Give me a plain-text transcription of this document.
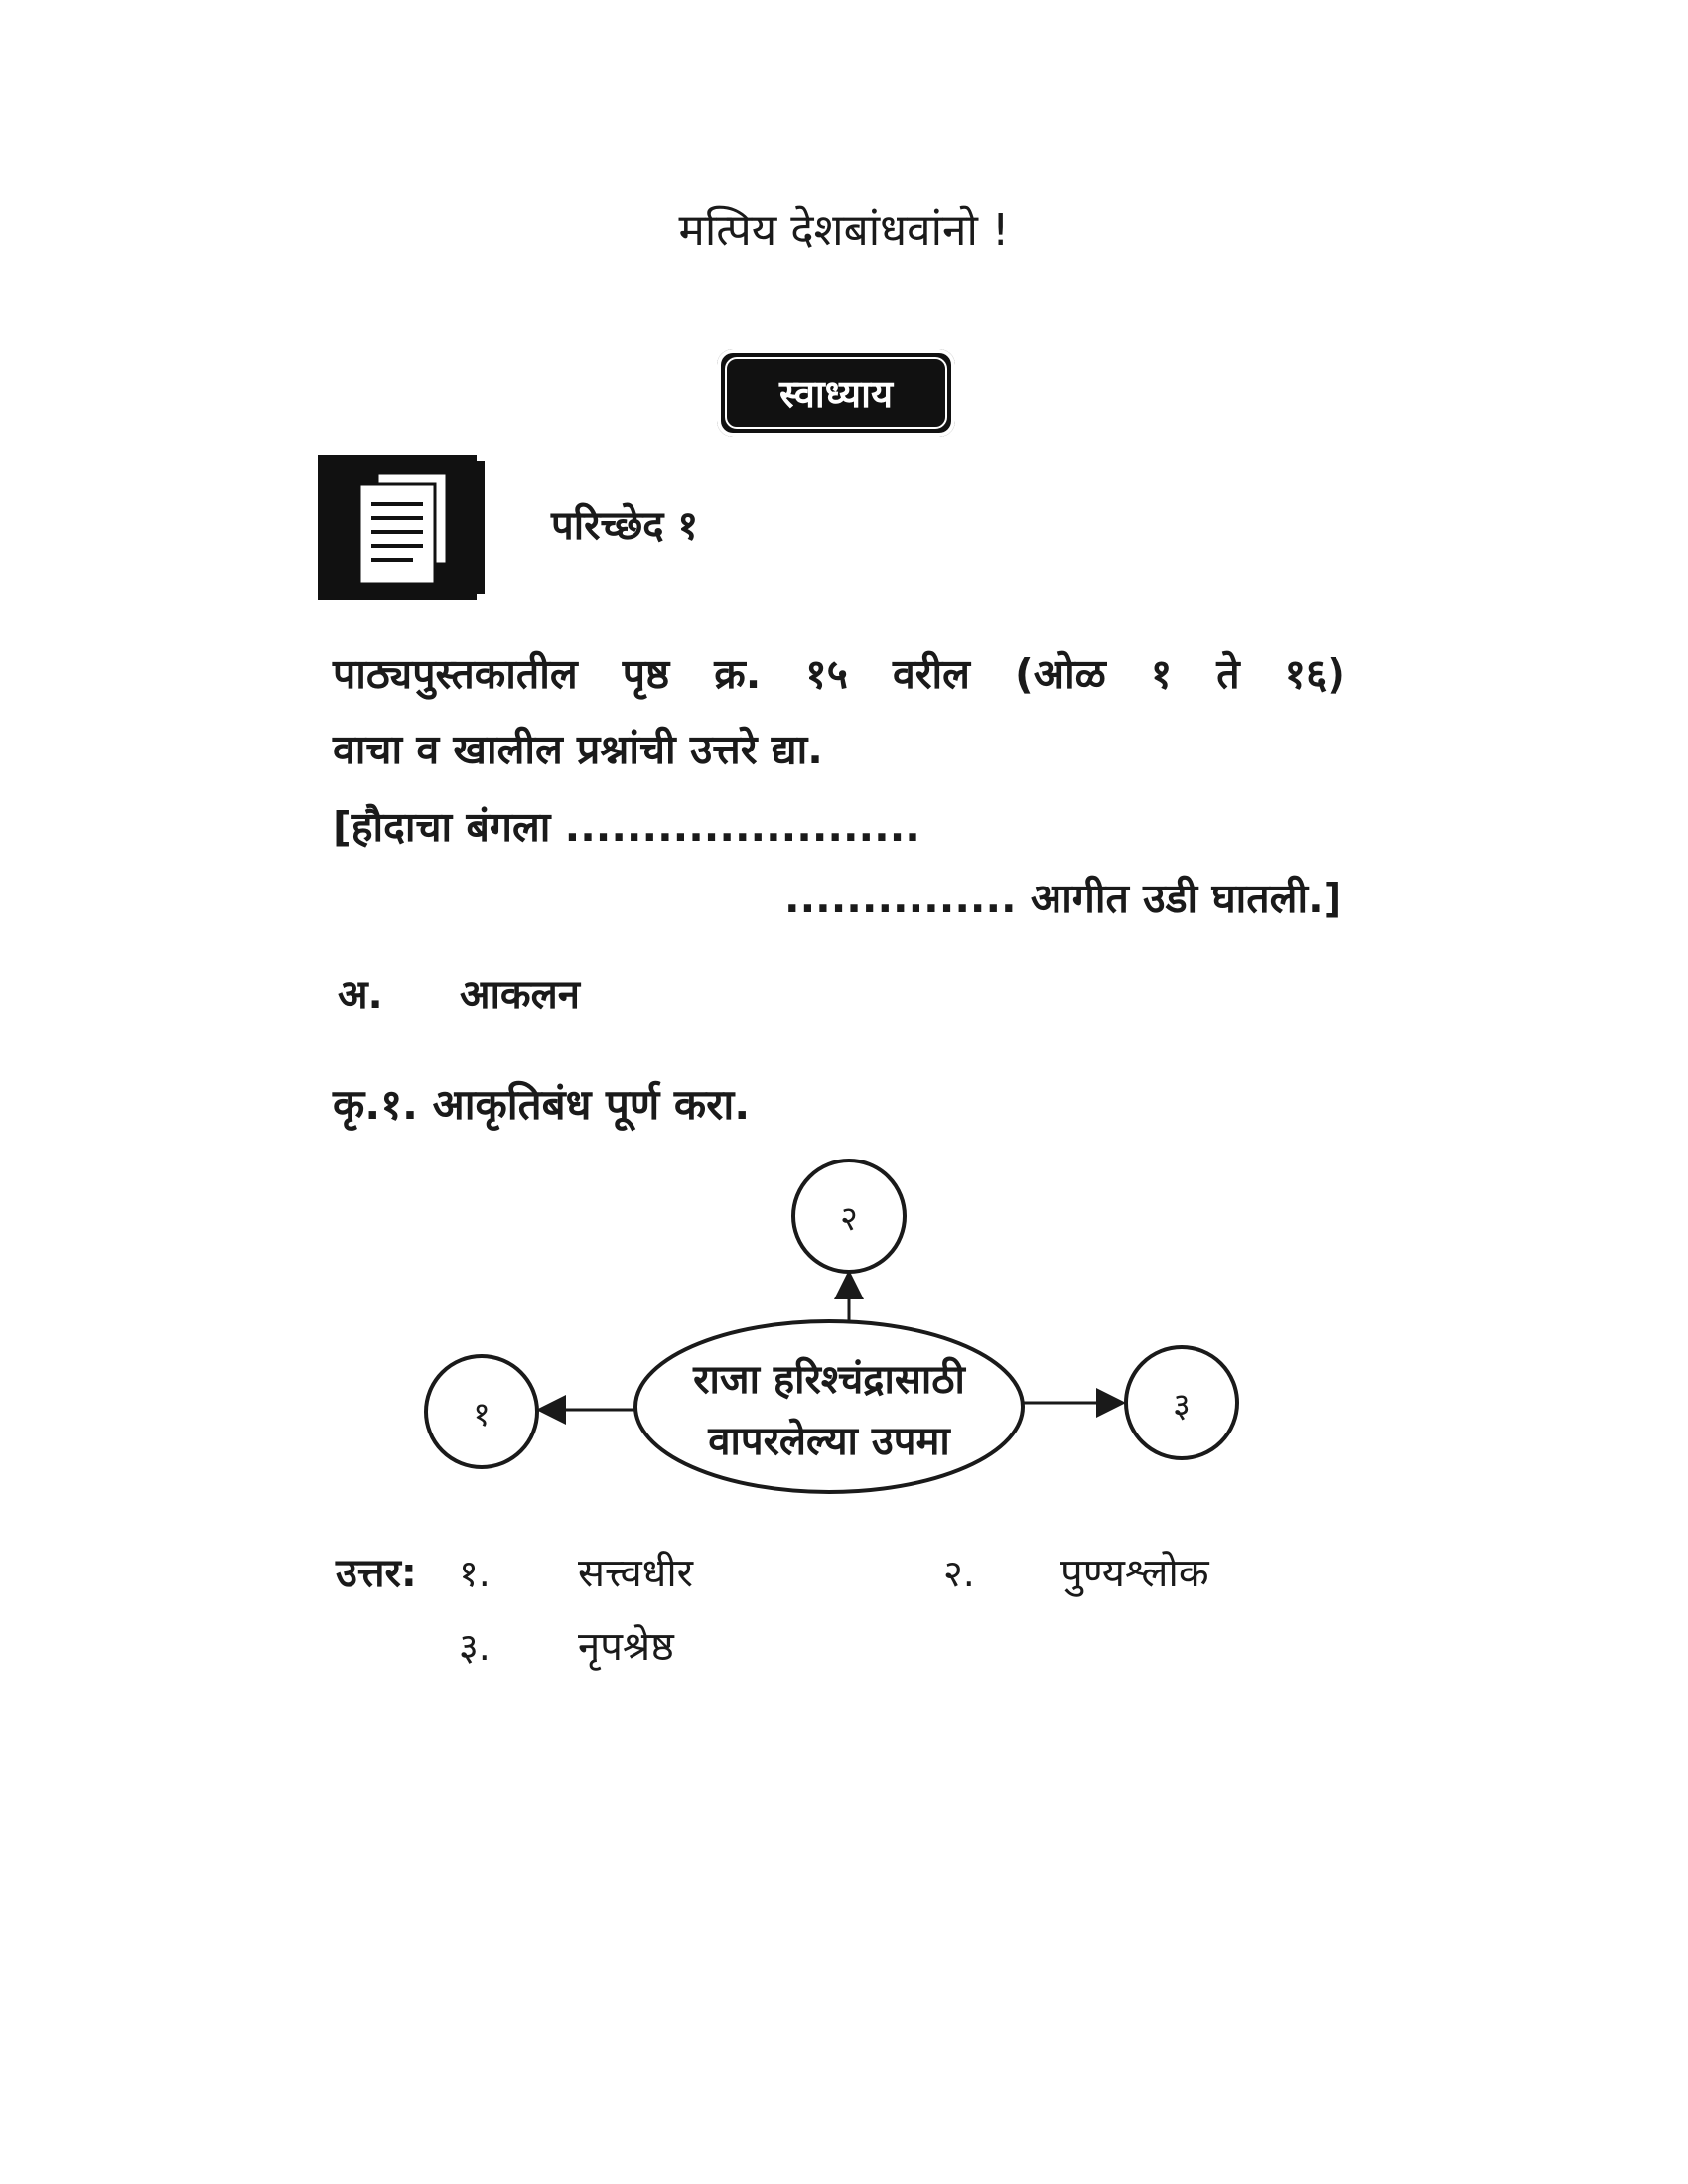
मत्पिय देशबांधवांनो !
स्वाध्याय
परिच्छेद १
पाठ्यपुस्तकातील पृष्ठ क्र. १५ वरील (ओळ १ ते १६)
वाचा व खालील प्रश्नांची उत्तरे द्या.
[हौदाचा बंगला .......................
............... आगीत उडी घातली.]
अ. आकलन
कृ.१. आकृतिबंध पूर्ण करा.
राजा हरिश्चंद्रासाठी
वापरलेल्या उपमा
२
१	३
उत्तर: १. सत्त्वधीर	२. पुण्यश्लोक
३. नृपश्रेष्ठ
